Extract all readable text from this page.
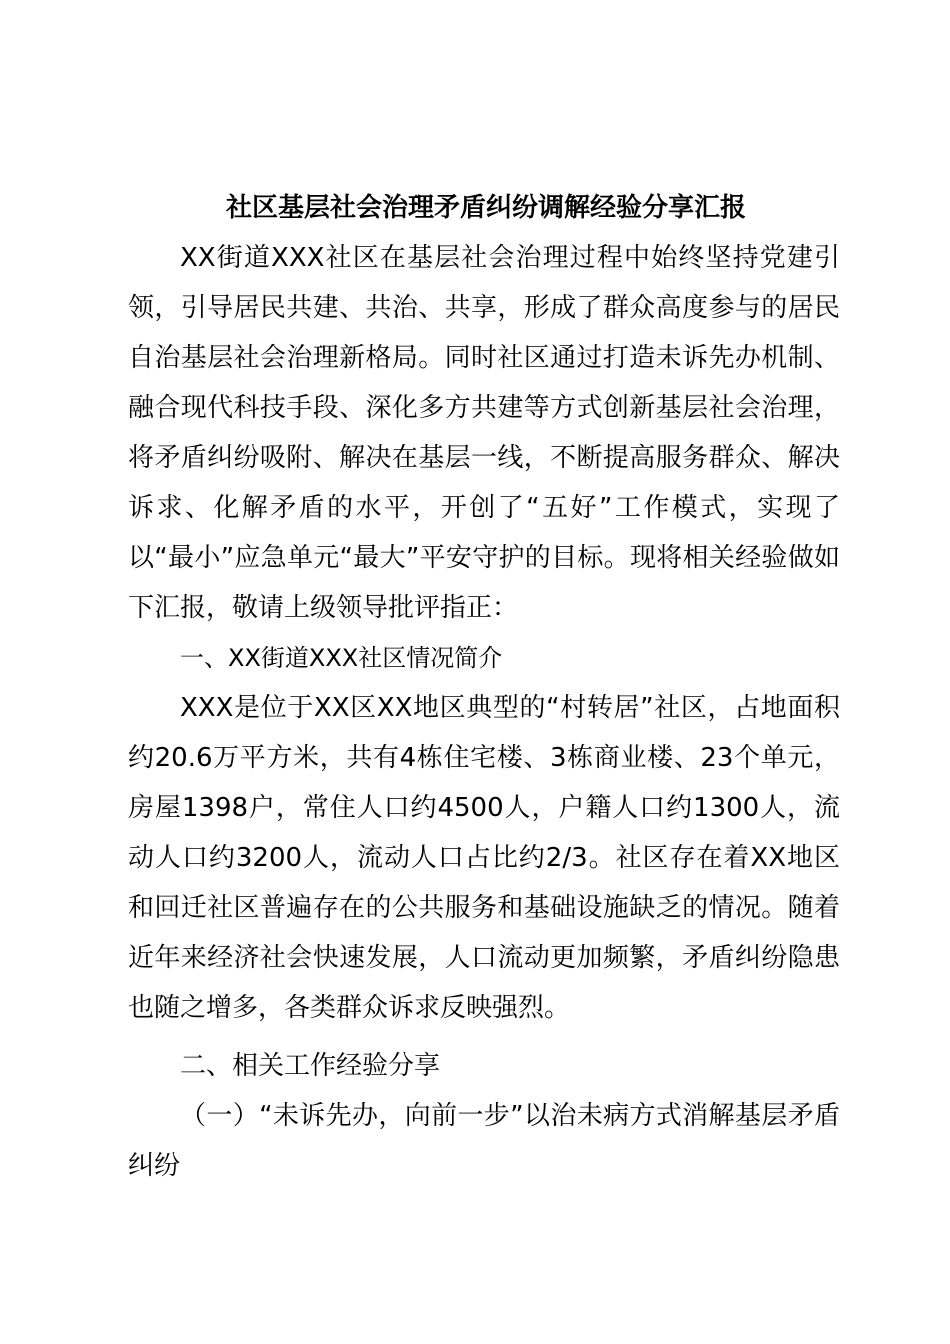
社区基层社会治理矛盾纠纷调解经验分享汇报

XX街道XXX社区在基层社会治理过程中始终坚持党建引领，引导居民共建、共治、共享，形成了群众高度参与的居民自治基层社会治理新格局。同时社区通过打造未诉先办机制、融合现代科技手段、深化多方共建等方式创新基层社会治理，将矛盾纠纷吸附、解决在基层一线，不断提高服务群众、解决诉求、化解矛盾的水平，开创了“五好”工作模式，实现了以“最小”应急单元“最大”平安守护的目标。现将相关经验做如下汇报，敬请上级领导批评指正：

一、XX街道XXX社区情况简介

XXX是位于XX区XX地区典型的“村转居”社区，占地面积约20.6万平方米，共有4栋住宅楼、3栋商业楼、23个单元，房屋1398户，常住人口约4500人，户籍人口约1300人，流动人口约3200人，流动人口占比约2/3。社区存在着XX地区和回迁社区普遍存在的公共服务和基础设施缺乏的情况。随着近年来经济社会快速发展，人口流动更加频繁，矛盾纠纷隐患也随之增多，各类群众诉求反映强烈。

二、相关工作经验分享

（一）“未诉先办，向前一步”以治未病方式消解基层矛盾纠纷
